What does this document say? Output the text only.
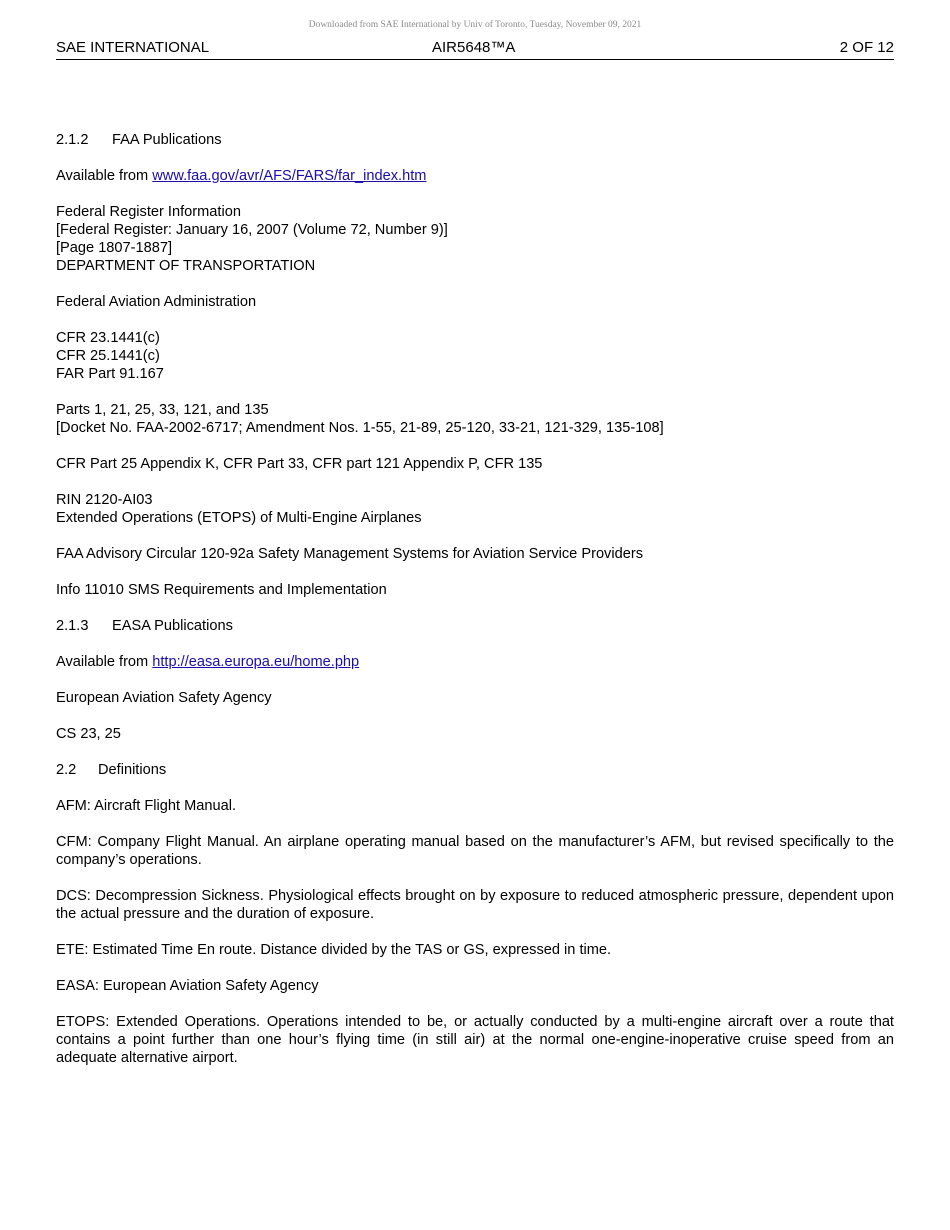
Downloaded from SAE International by Univ of Toronto, Tuesday, November 09, 2021
SAE INTERNATIONAL	AIR5648™A	2 OF 12

2.1.2 FAA Publications

Available from www.faa.gov/avr/AFS/FARS/far_index.htm

Federal Register Information
[Federal Register: January 16, 2007 (Volume 72, Number 9)]
[Page 1807-1887]
DEPARTMENT OF TRANSPORTATION

Federal Aviation Administration

CFR 23.1441(c)
CFR 25.1441(c)
FAR Part 91.167

Parts 1, 21, 25, 33, 121, and 135
[Docket No. FAA-2002-6717; Amendment Nos. 1-55, 21-89, 25-120, 33-21, 121-329, 135-108]

CFR Part 25 Appendix K, CFR Part 33, CFR part 121 Appendix P, CFR 135

RIN 2120-AI03
Extended Operations (ETOPS) of Multi-Engine Airplanes

FAA Advisory Circular 120-92a Safety Management Systems for Aviation Service Providers

Info 11010 SMS Requirements and Implementation

2.1.3 EASA Publications

Available from http://easa.europa.eu/home.php

European Aviation Safety Agency

CS 23, 25

2.2 Definitions

AFM: Aircraft Flight Manual.

CFM: Company Flight Manual. An airplane operating manual based on the manufacturer’s AFM, but revised specifically to the company’s operations.

DCS: Decompression Sickness. Physiological effects brought on by exposure to reduced atmospheric pressure, dependent upon the actual pressure and the duration of exposure.

ETE: Estimated Time En route. Distance divided by the TAS or GS, expressed in time.

EASA: European Aviation Safety Agency

ETOPS: Extended Operations. Operations intended to be, or actually conducted by a multi-engine aircraft over a route that contains a point further than one hour’s flying time (in still air) at the normal one-engine-inoperative cruise speed from an adequate alternative airport.
